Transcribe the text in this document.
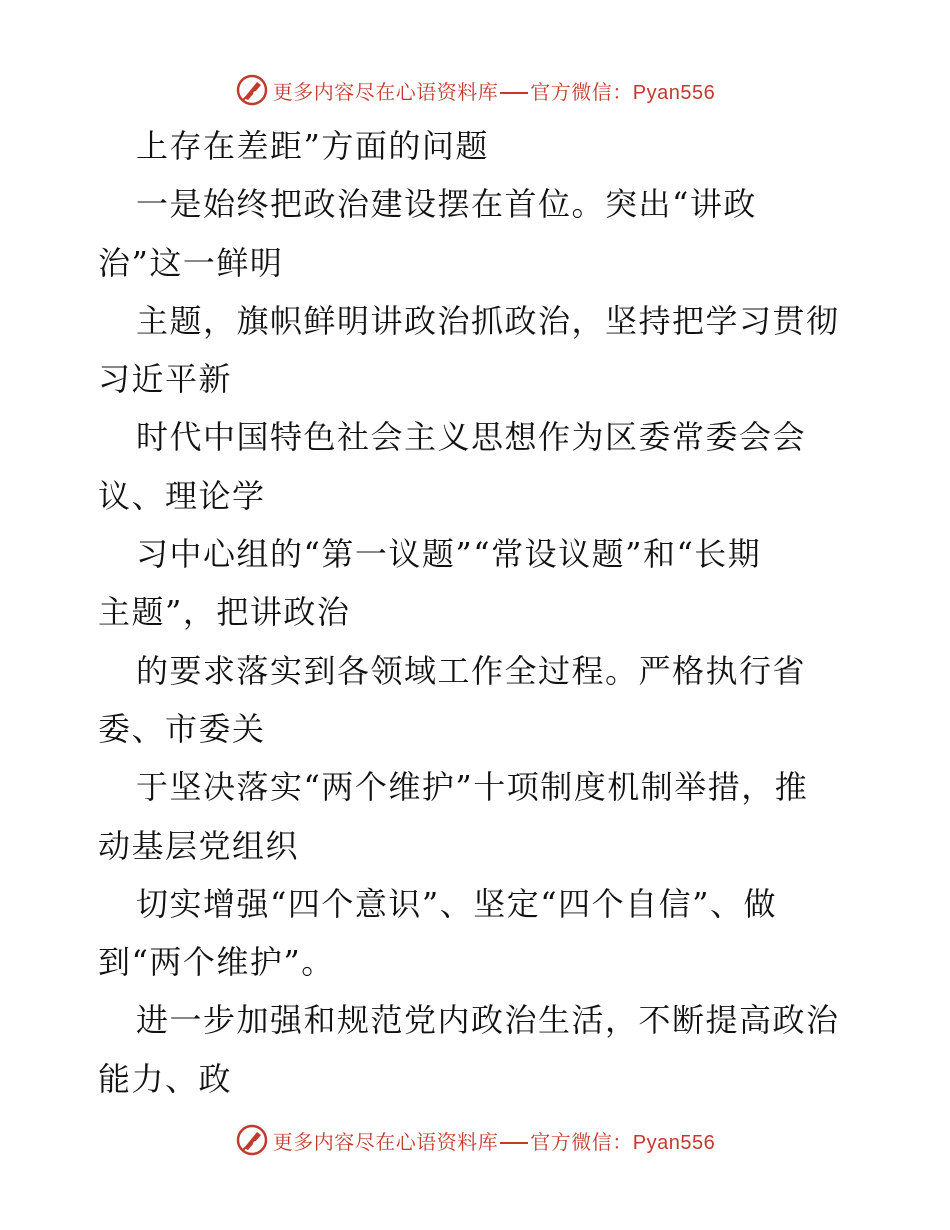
更多内容尽在心语资料库 官方微信：Pyan556
上存在差距”方面的问题
一是始终把政治建设摆在首位。突出“讲政
治”这一鲜明
主题，旗帜鲜明讲政治抓政治，坚持把学习贯彻
习近平新
时代中国特色社会主义思想作为区委常委会会
议、理论学
习中心组的“第一议题”“常设议题”和“长期
主题”，把讲政治
的要求落实到各领域工作全过程。严格执行省
委、市委关
于坚决落实“两个维护”十项制度机制举措，推
动基层党组织
切实增强“四个意识”、坚定“四个自信”、做
到“两个维护”。
进一步加强和规范党内政治生活，不断提高政治
能力、政
更多内容尽在心语资料库 官方微信：Pyan556
